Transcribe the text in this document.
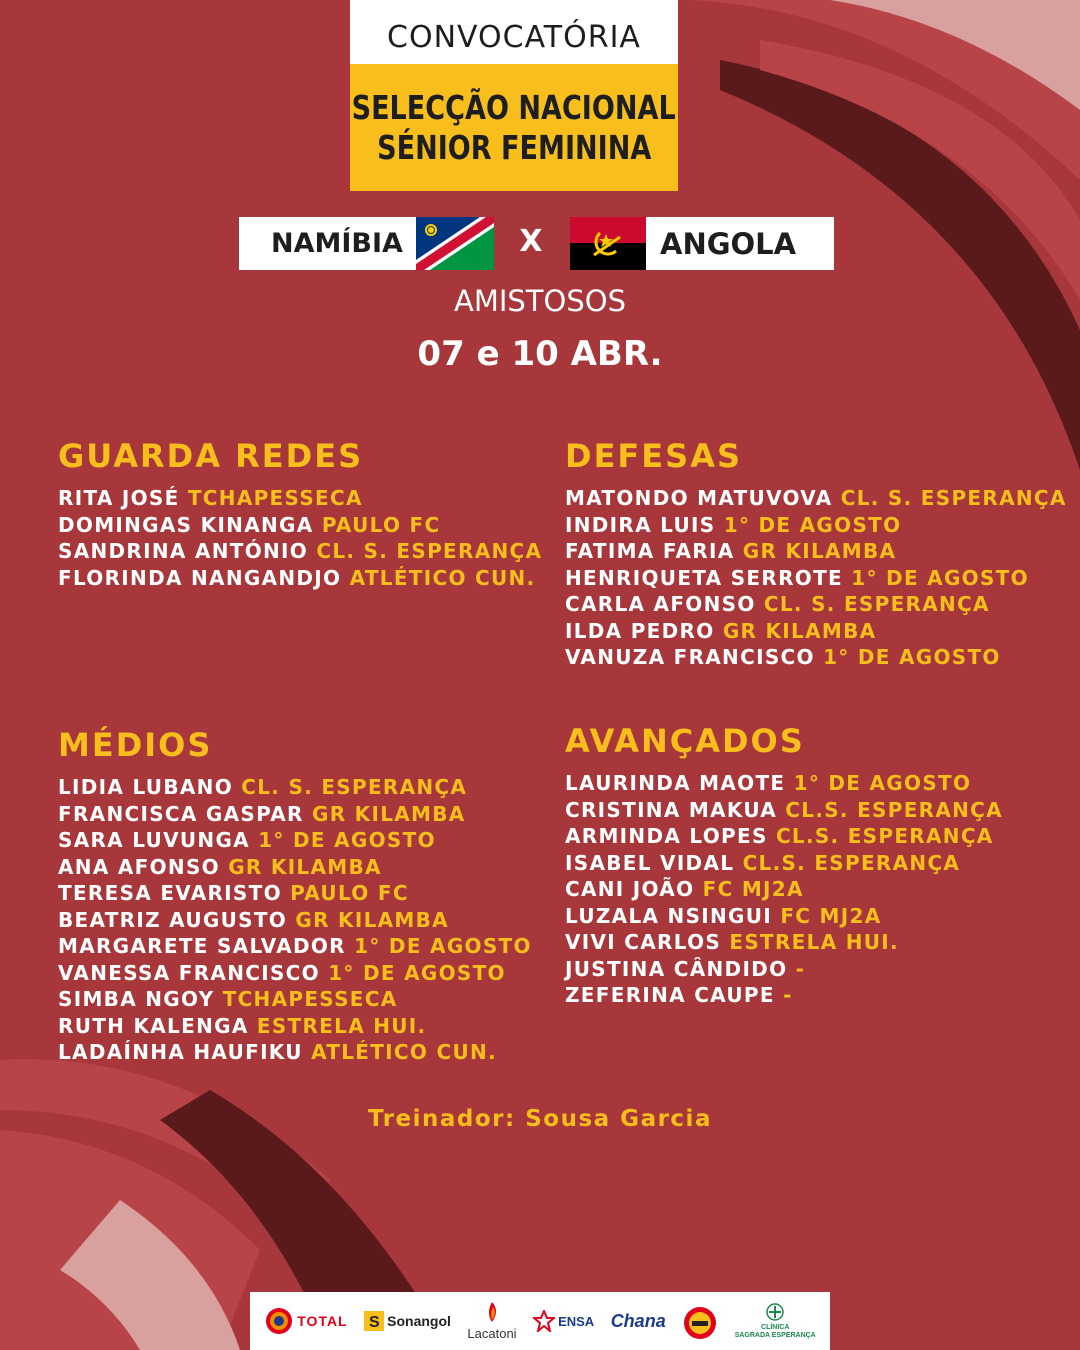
CONVOCATÓRIA
SELECÇÃO NACIONAL
SÉNIOR FEMININA
NAMÍBIA	X	ANGOLA
AMISTOSOS
07 e 10 ABR.
GUARDA REDES
RITA JOSÉ TCHAPESSECA
DOMINGAS KINANGA PAULO FC
SANDRINA ANTÓNIO CL. S. ESPERANÇA
FLORINDA NANGANDJO ATLÉTICO CUN.
DEFESAS
MATONDO MATUVOVA CL. S. ESPERANÇA
INDIRA LUIS 1° DE AGOSTO
FATIMA FARIA GR KILAMBA
HENRIQUETA SERROTE 1° DE AGOSTO
CARLA AFONSO CL. S. ESPERANÇA
ILDA PEDRO GR KILAMBA
VANUZA FRANCISCO 1° DE AGOSTO
MÉDIOS
LIDIA LUBANO CL. S. ESPERANÇA
FRANCISCA GASPAR GR KILAMBA
SARA LUVUNGA 1° DE AGOSTO
ANA AFONSO GR KILAMBA
TERESA EVARISTO PAULO FC
BEATRIZ AUGUSTO GR KILAMBA
MARGARETE SALVADOR 1° DE AGOSTO
VANESSA FRANCISCO 1° DE AGOSTO
SIMBA NGOY TCHAPESSECA
RUTH KALENGA ESTRELA HUI.
LADAÍNHA HAUFIKU ATLÉTICO CUN.
AVANÇADOS
LAURINDA MAOTE 1° DE AGOSTO
CRISTINA MAKUA CL.S. ESPERANÇA
ARMINDA LOPES CL.S. ESPERANÇA
ISABEL VIDAL CL.S. ESPERANÇA
CANI JOÃO FC MJ2A
LUZALA NSINGUI FC MJ2A
VIVI CARLOS ESTRELA HUI.
JUSTINA CÂNDIDO -
ZEFERINA CAUPE -
Treinador: Sousa Garcia
TOTAL S Sonangol
Lacatoni
ENSA Chana	CLÍNICA
SAGRADA ESPERANÇA
